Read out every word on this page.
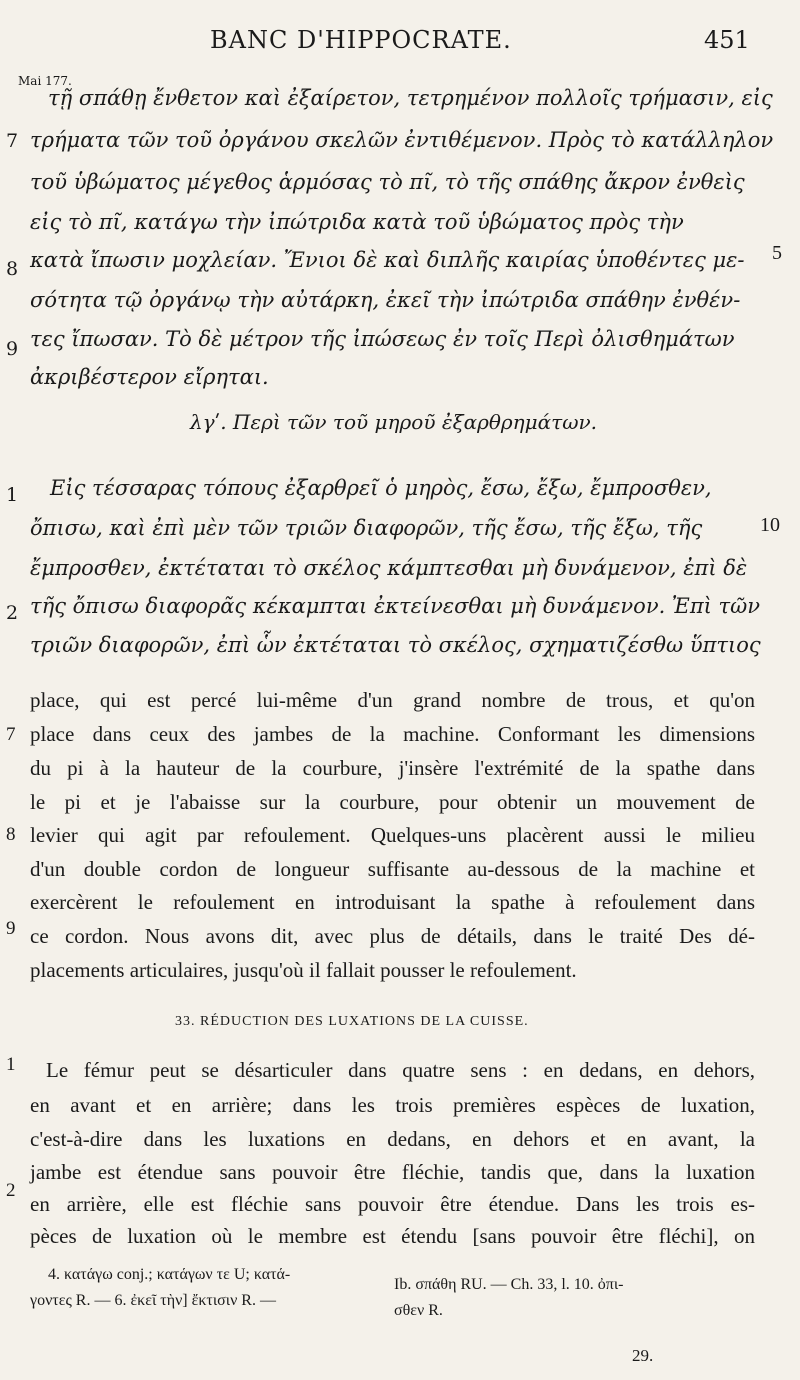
BANC D'HIPPOCRATE.	451
Mai 177.
τῇ σπάθῃ ἔνθετον καὶ ἐξαίρετον, τετρημένον πολλοῖς τρήμασιν, εἰς
τρήματα τῶν τοῦ ὀργάνου σκελῶν ἐντιθέμενον. Πρὸς τὸ κατάλληλον
τοῦ ὑβώματος μέγεθος ἁρμόσας τὸ πῖ, τὸ τῆς σπάθης ἄκρον ἐνθεὶς
εἰς τὸ πῖ, κατάγω τὴν ἰπώτριδα κατὰ τοῦ ὑβώματος πρὸς τὴν
κατὰ ἴπωσιν μοχλείαν. Ἔνιοι δὲ καὶ διπλῆς καιρίας ὑποθέντες με-
σότητα τῷ ὀργάνῳ τὴν αὐτάρκη, ἐκεῖ τὴν ἰπώτριδα σπάθην ἐνθέν-
τες ἴπωσαν. Τὸ δὲ μέτρον τῆς ἰπώσεως ἐν τοῖς Περὶ ὀλισθημάτων
ἀκριβέστερον εἴρηται.
7
8
9
5
λγʹ. Περὶ τῶν τοῦ μηροῦ ἐξαρθρημάτων.
Εἰς τέσσαρας τόπους ἐξαρθρεῖ ὁ μηρὸς, ἔσω, ἔξω, ἔμπροσθεν,
ὄπισω, καὶ ἐπὶ μὲν τῶν τριῶν διαφορῶν, τῆς ἔσω, τῆς ἔξω, τῆς
ἔμπροσθεν, ἐκτέταται τὸ σκέλος κάμπτεσθαι μὴ δυνάμενον, ἐπὶ δὲ
τῆς ὄπισω διαφορᾶς κέκαμπται ἐκτείνεσθαι μὴ δυνάμενον. Ἐπὶ τῶν
τριῶν διαφορῶν, ἐπὶ ὧν ἐκτέταται τὸ σκέλος, σχηματιζέσθω ὕπτιος
1
2
10
place, qui est percé lui-même d'un grand nombre de trous, et qu'on
place dans ceux des jambes de la machine. Conformant les dimensions
du pi à la hauteur de la courbure, j'insère l'extrémité de la spathe dans
le pi et je l'abaisse sur la courbure, pour obtenir un mouvement de
levier qui agit par refoulement. Quelques-uns placèrent aussi le milieu
d'un double cordon de longueur suffisante au-dessous de la machine et
exercèrent le refoulement en introduisant la spathe à refoulement dans
ce cordon. Nous avons dit, avec plus de détails, dans le traité Des dé-
placements articulaires, jusqu'où il fallait pousser le refoulement.
7
8
9
33. RÉDUCTION DES LUXATIONS DE LA CUISSE.
Le fémur peut se désarticuler dans quatre sens : en dedans, en dehors,
en avant et en arrière; dans les trois premières espèces de luxation,
c'est-à-dire dans les luxations en dedans, en dehors et en avant, la
jambe est étendue sans pouvoir être fléchie, tandis que, dans la luxation
en arrière, elle est fléchie sans pouvoir être étendue. Dans les trois es-
pèces de luxation où le membre est étendu [sans pouvoir être fléchi], on
1
2
4. κατάγω conj.; κατάγων τε U; κατά-
γοντες R. — 6. ἐκεῖ τὴν] ἔκτισιν R. —
Ib. σπάθη RU. — Ch. 33, l. 10. ὀπι-
σθεν R.
29.
